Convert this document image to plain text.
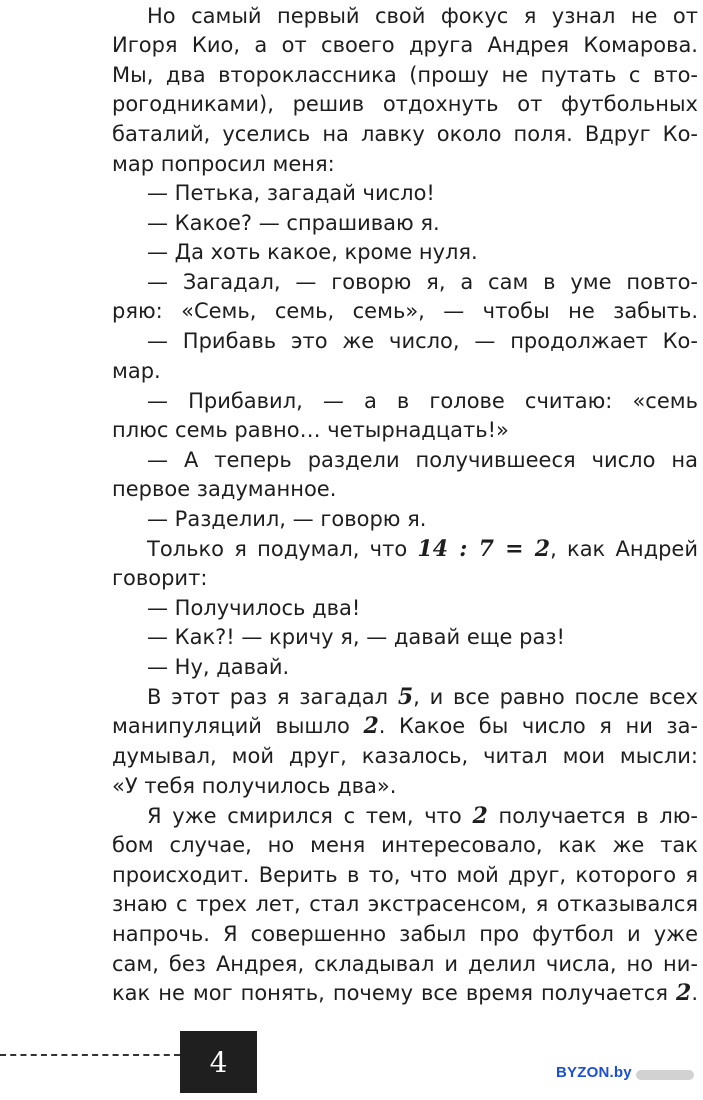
Но самый первый свой фокус я узнал не от
Игоря Кио, а от своего друга Андрея Комарова.
Мы, два второклассника (прошу не путать с вто-
рогодниками), решив отдохнуть от футбольных
баталий, уселись на лавку около поля. Вдруг Ко-
мар попросил меня:
— Петька, загадай число!
— Какое? — спрашиваю я.
— Да хоть какое, кроме нуля.
— Загадал, — говорю я, а сам в уме повто-
ряю: «Семь, семь, семь», — чтобы не забыть.
— Прибавь это же число, — продолжает Ко-
мар.
— Прибавил, — а в голове считаю: «семь
плюс семь равно… четырнадцать!»
— А теперь раздели получившееся число на
первое задуманное.
— Разделил, — говорю я.
Только я подумал, что 14 : 7 = 2, как Андрей
говорит:
— Получилось два!
— Как?! — кричу я, — давай еще раз!
— Ну, давай.
В этот раз я загадал 5, и все равно после всех
манипуляций вышло 2. Какое бы число я ни за-
думывал, мой друг, казалось, читал мои мысли:
«У тебя получилось два».
Я уже смирился с тем, что 2 получается в лю-
бом случае, но меня интересовало, как же так
происходит. Верить в то, что мой друг, которого я
знаю с трех лет, стал экстрасенсом, я отказывался
напрочь. Я совершенно забыл про футбол и уже
сам, без Андрея, складывал и делил числа, но ни-
как не мог понять, почему все время получается 2.
4	BYZON.by
